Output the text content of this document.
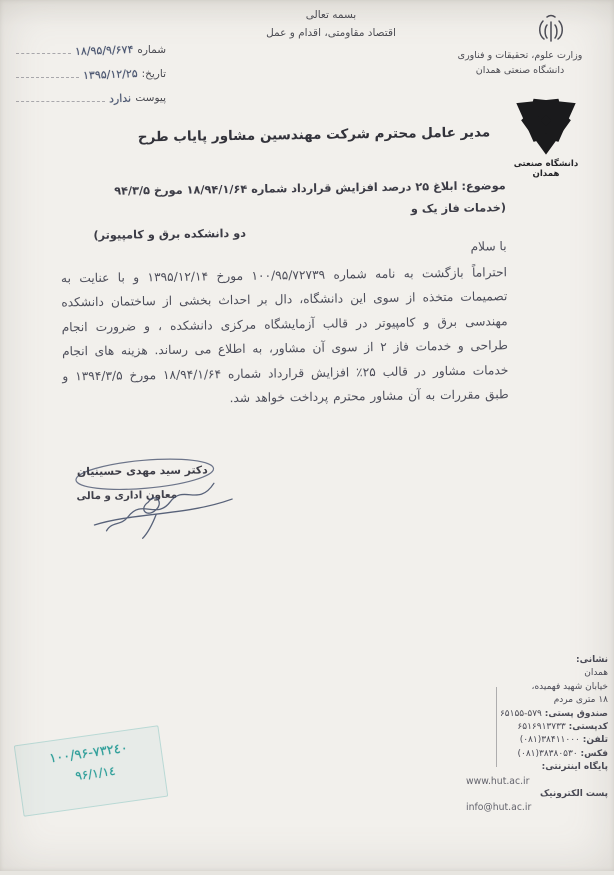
بسمه تعالی
اقتصاد مقاومتی، اقدام و عمل
وزارت علوم، تحقیقات و فناوری
دانشگاه صنعتی همدان
دانشگاه صنعتی همدان
شماره
۱۸/۹۵/۹/۶۷۴
تاریخ:
۱۳۹۵/۱۲/۲۵
پیوست
ندارد
مدیر عامل محترم شرکت مهندسین مشاور پایاب طرح
موضوع: ابلاغ ۲۵ درصد افزایش قرارداد شماره ۱۸/۹۴/۱/۶۴ مورخ ۹۴/۳/۵ (خدمات فاز یک و
دو دانشکده برق و کامپیوتر)
با سلام
احتراماً بازگشت به نامه شماره ۱۰۰/۹۵/۷۲۷۳۹ مورخ ۱۳۹۵/۱۲/۱۴ و با عنایت به تصمیمات متخذه از سوی این دانشگاه، دال بر احداث بخشی از ساختمان دانشکده مهندسی برق و کامپیوتر در قالب آزمایشگاه مرکزی دانشکده ، و ضرورت انجام طراحی و خدمات فاز ۲ از سوی آن مشاور، به اطلاع می رساند. هزینه های انجام خدمات مشاور در قالب ۲۵٪ افزایش قرارداد شماره ۱۸/۹۴/۱/۶۴ مورخ ۱۳۹۴/۳/۵ و طبق مقررات به آن مشاور محترم پرداخت خواهد شد.
دکتر سید مهدی حسینیان
معاون اداری و مالی
نشانی:
همدان
خیابان شهید فهمیده،
۱۸ متری مردم
صندوق پستی: ۶۵۱۵۵-۵۷۹
کدپستی: ۶۵۱۶۹۱۳۷۳۳
تلفن: (۰۸۱)۳۸۴۱۱۰۰۰
فکس: (۰۸۱)۳۸۳۸۰۵۳۰
پایگاه اینترنتی:
www.hut.ac.ir
پست الکترونیک
info@hut.ac.ir
۱۰۰/۹۶-۷۳۲٤۰
۹۶/۱/۱٤
